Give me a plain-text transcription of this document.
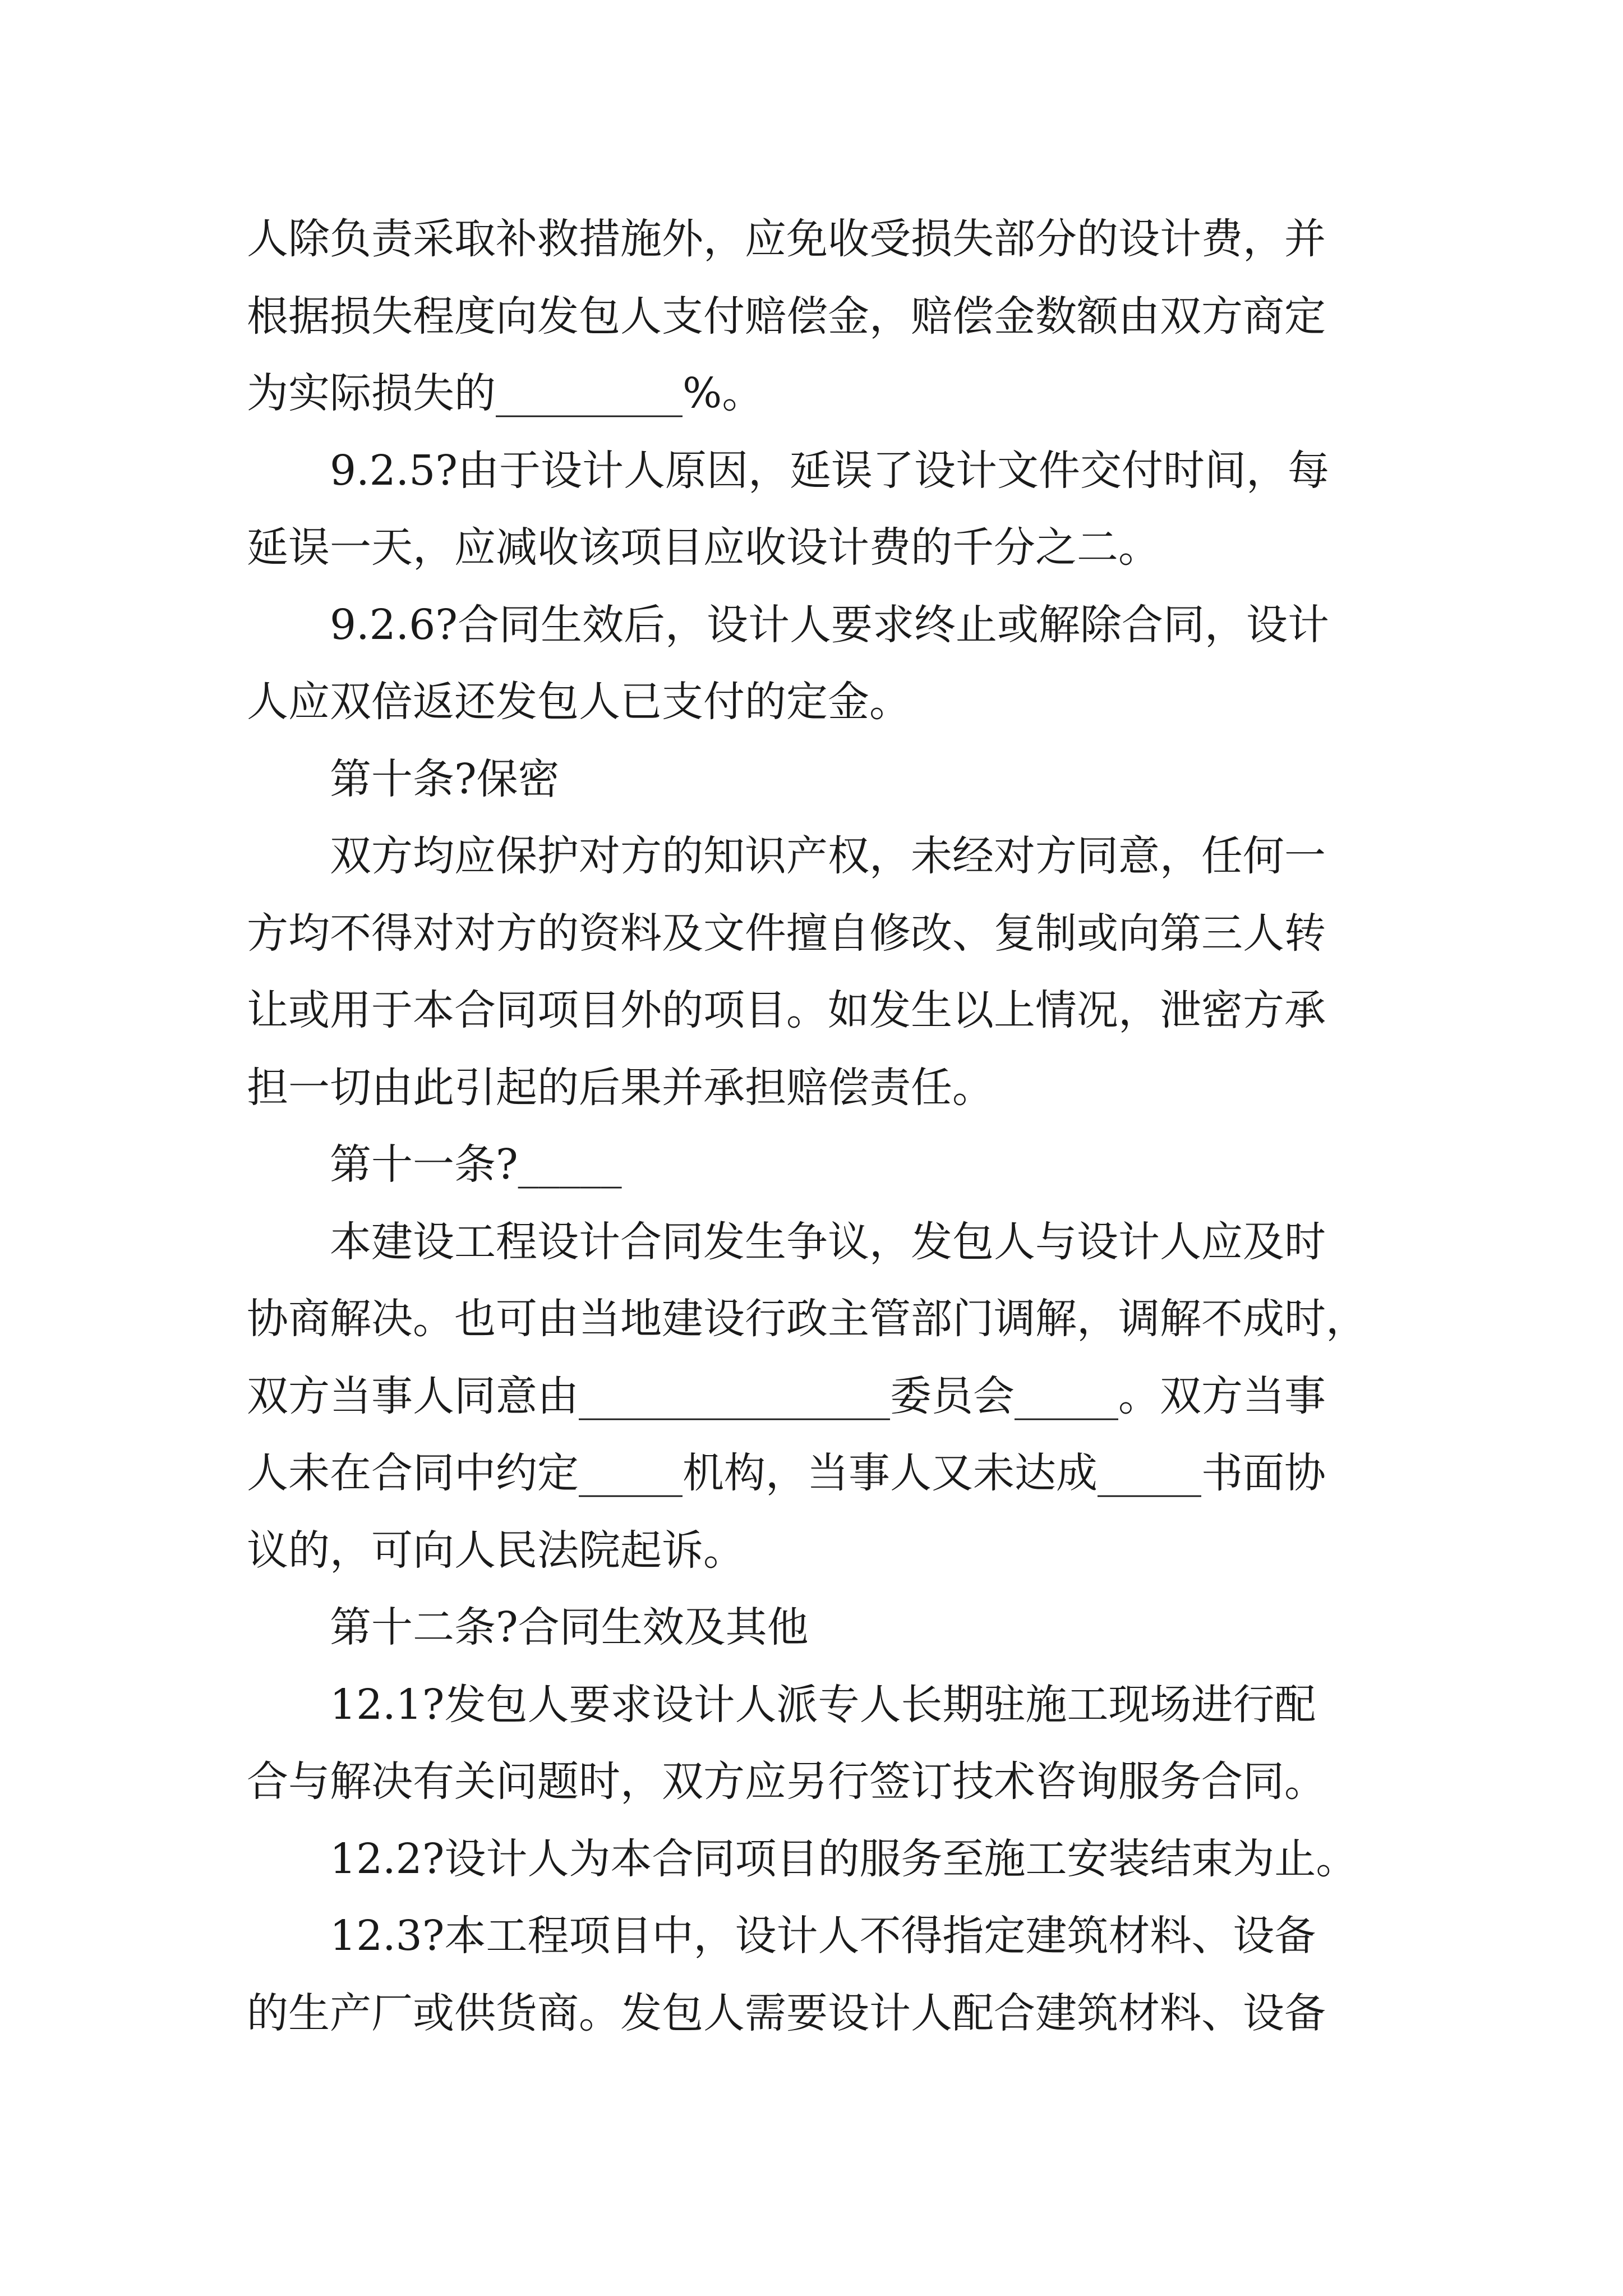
人除负责采取补救措施外，应免收受损失部分的设计费，并
根据损失程度向发包人支付赔偿金，赔偿金数额由双方商定
为实际损失的_________%。
9.2.5?由于设计人原因，延误了设计文件交付时间，每
延误一天，应减收该项目应收设计费的千分之二。
9.2.6?合同生效后，设计人要求终止或解除合同，设计
人应双倍返还发包人已支付的定金。
第十条?保密
双方均应保护对方的知识产权，未经对方同意，任何一
方均不得对对方的资料及文件擅自修改、复制或向第三人转
让或用于本合同项目外的项目。如发生以上情况，泄密方承
担一切由此引起的后果并承担赔偿责任。
第十一条?_____
本建设工程设计合同发生争议，发包人与设计人应及时
协商解决。也可由当地建设行政主管部门调解，调解不成时，
双方当事人同意由_______________委员会_____。双方当事
人未在合同中约定_____机构，当事人又未达成_____书面协
议的，可向人民法院起诉。
第十二条?合同生效及其他
12.1?发包人要求设计人派专人长期驻施工现场进行配
合与解决有关问题时，双方应另行签订技术咨询服务合同。
12.2?设计人为本合同项目的服务至施工安装结束为止。
12.3?本工程项目中，设计人不得指定建筑材料、设备
的生产厂或供货商。发包人需要设计人配合建筑材料、设备
